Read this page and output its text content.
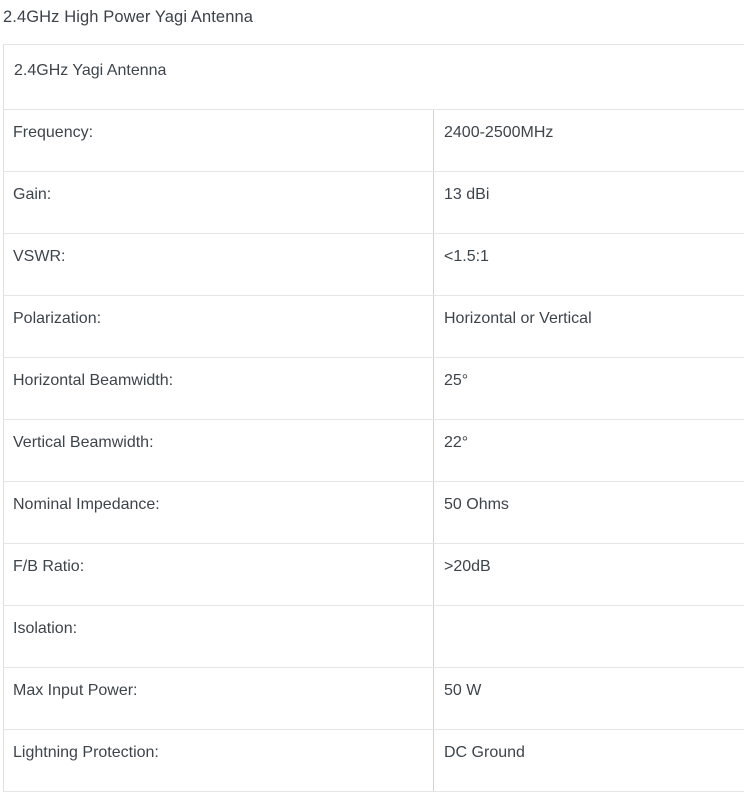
2.4GHz High Power Yagi Antenna
2.4GHz Yagi Antenna
Frequency:	2400-2500MHz
Gain:	13 dBi
VSWR:	<1.5:1
Polarization:	Horizontal or Vertical
Horizontal Beamwidth:	25°
Vertical Beamwidth:	22°
Nominal Impedance:	50 Ohms
F/B Ratio:	>20dB
Isolation:
Max Input Power:	50 W
Lightning Protection:	DC Ground
